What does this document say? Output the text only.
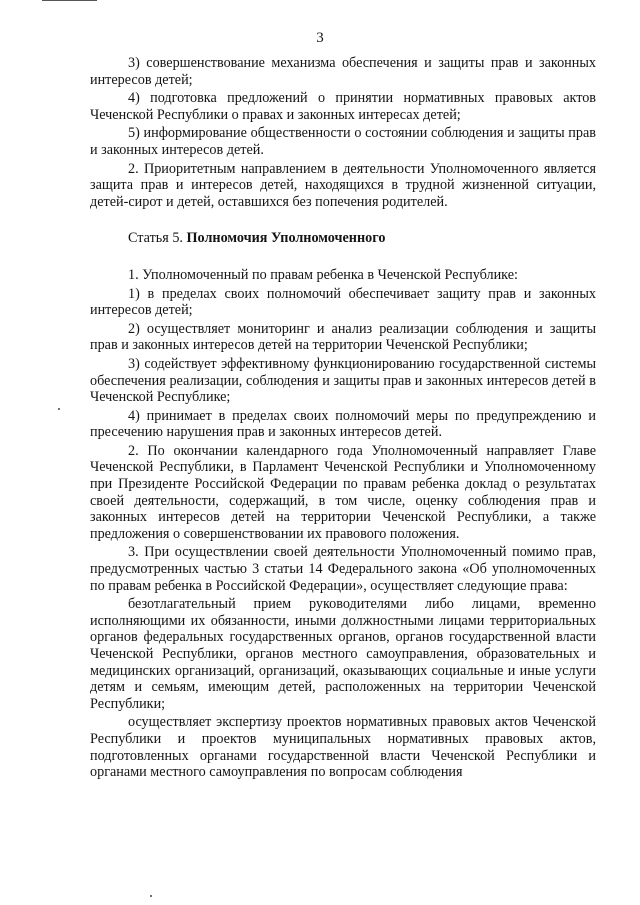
3

3) совершенствование механизма обеспечения и защиты прав и законных интересов детей;

4) подготовка предложений о принятии нормативных правовых актов Чеченской Республики о правах и законных интересах детей;

5) информирование общественности о состоянии соблюдения и защиты прав и законных интересов детей.

2. Приоритетным направлением в деятельности Уполномоченного является защита прав и интересов детей, находящихся в трудной жизненной ситуации, детей-сирот и детей, оставшихся без попечения родителей.

Статья 5. Полномочия Уполномоченного

1. Уполномоченный по правам ребенка в Чеченской Республике:

1) в пределах своих полномочий обеспечивает защиту прав и законных интересов детей;

2) осуществляет мониторинг и анализ реализации соблюдения и защиты прав и законных интересов детей на территории Чеченской Республики;

3) содействует эффективному функционированию государственной системы обеспечения реализации, соблюдения и защиты прав и законных интересов детей в Чеченской Республике;

4) принимает в пределах своих полномочий меры по предупреждению и пресечению нарушения прав и законных интересов детей.

2. По окончании календарного года Уполномоченный направляет Главе Чеченской Республики, в Парламент Чеченской Республики и Уполномоченному при Президенте Российской Федерации по правам ребенка доклад о результатах своей деятельности, содержащий, в том числе, оценку соблюдения прав и законных интересов детей на территории Чеченской Республики, а также предложения о совершенствовании их правового положения.

3. При осуществлении своей деятельности Уполномоченный помимо прав, предусмотренных частью 3 статьи 14 Федерального закона «Об уполномоченных по правам ребенка в Российской Федерации», осуществляет следующие права:

безотлагательный прием руководителями либо лицами, временно исполняющими их обязанности, иными должностными лицами территориальных органов федеральных государственных органов, органов государственной власти Чеченской Республики, органов местного самоуправления, образовательных и медицинских организаций, организаций, оказывающих социальные и иные услуги детям и семьям, имеющим детей, расположенных на территории Чеченской Республики;

осуществляет экспертизу проектов нормативных правовых актов Чеченской Республики и проектов муниципальных нормативных правовых актов, подготовленных органами государственной власти Чеченской Республики и органами местного самоуправления по вопросам соблюдения
